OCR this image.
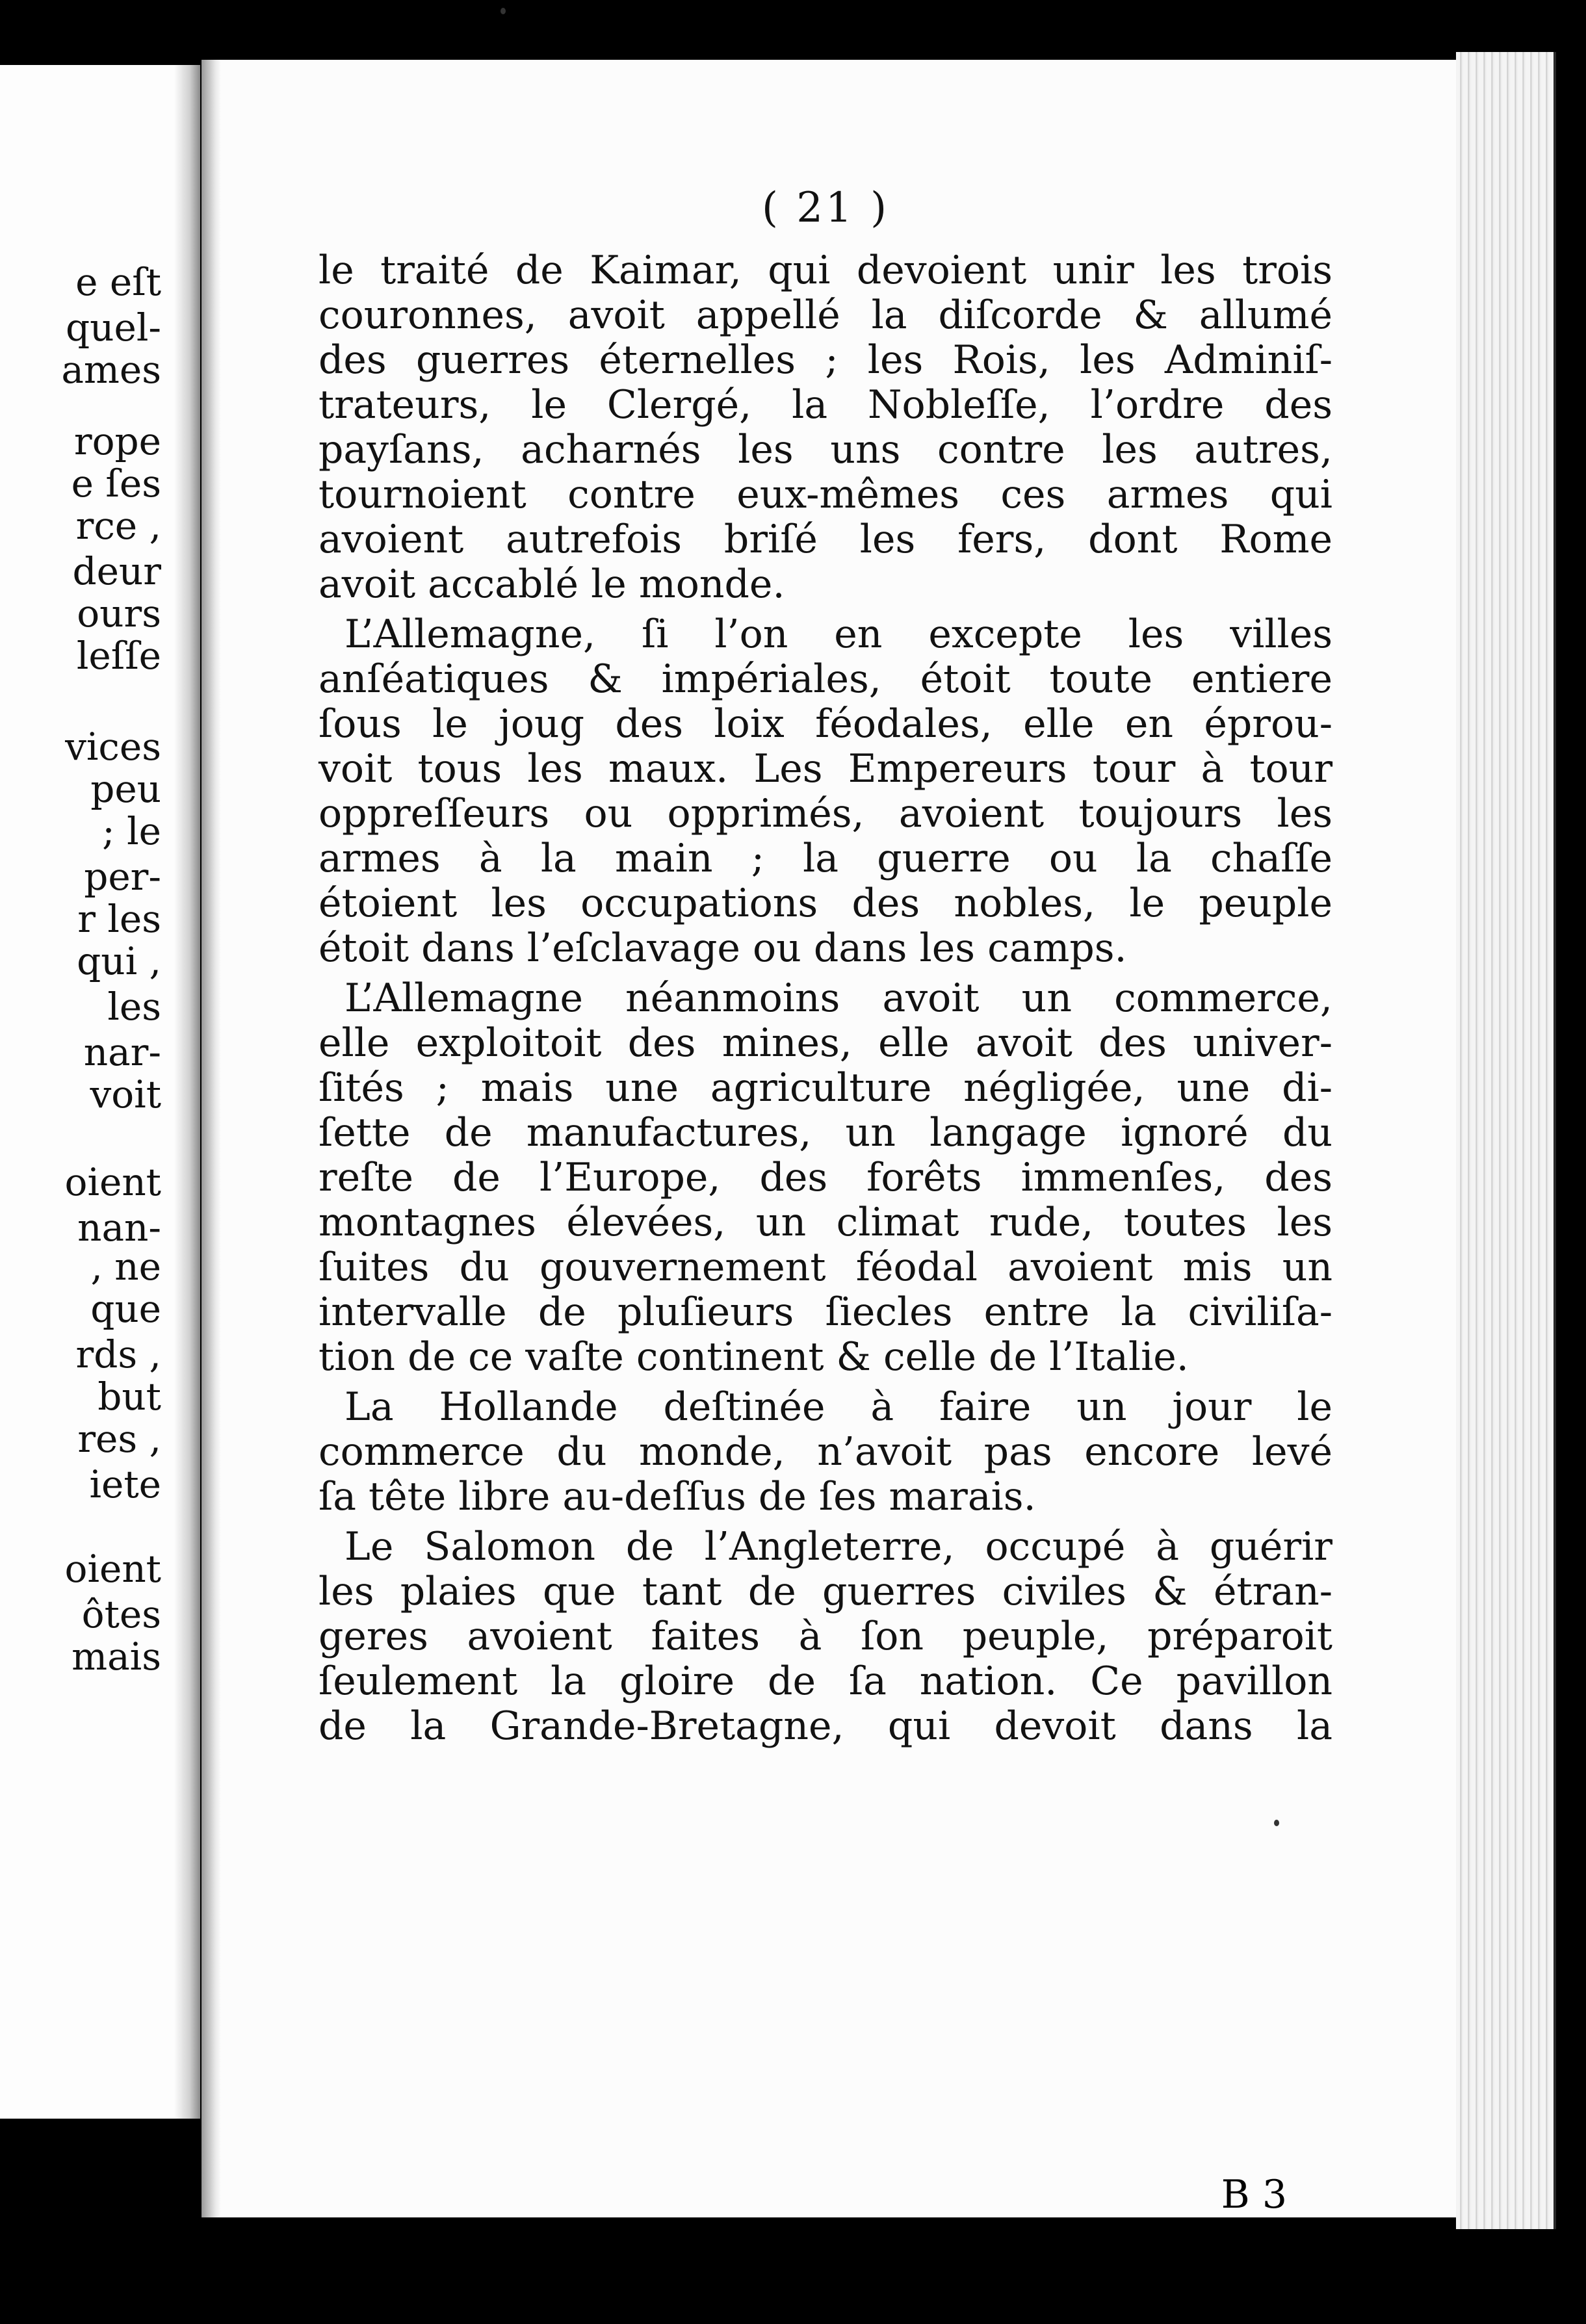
e eſt
quel-
ames
rope
e ſes
rce ,
deur
ours
leſſe
vices
peu
; le
per-
r les
qui ,
les
nar-
voit
oient
nan-
, ne
que
rds ,
but
res ,
iete
oient
ôtes
mais
( 21 )
le traité de Kaimar, qui devoient unir les trois
couronnes, avoit appellé la diſcorde & allumé
des guerres éternelles ; les Rois, les Adminiſ-
trateurs, le Clergé, la Nobleſſe, l’ordre des
payſans, acharnés les uns contre les autres,
tournoient contre eux-mêmes ces armes qui
avoient autrefois briſé les fers, dont Rome
avoit accablé le monde.
L’Allemagne, ſi l’on en excepte les villes
anſéatiques & impériales, étoit toute entiere
ſous le joug des loix féodales, elle en éprou-
voit tous les maux. Les Empereurs tour à tour
oppreſſeurs ou opprimés, avoient toujours les
armes à la main ; la guerre ou la chaſſe
étoient les occupations des nobles, le peuple
étoit dans l’eſclavage ou dans les camps.
L’Allemagne néanmoins avoit un commerce,
elle exploitoit des mines, elle avoit des univer-
ſités ; mais une agriculture négligée, une di-
ſette de manufactures, un langage ignoré du
reſte de l’Europe, des forêts immenſes, des
montagnes élevées, un climat rude, toutes les
ſuites du gouvernement féodal avoient mis un
intervalle de pluſieurs ſiecles entre la civiliſa-
tion de ce vaſte continent & celle de l’Italie.
La Hollande deſtinée à faire un jour le
commerce du monde, n’avoit pas encore levé
ſa tête libre au-deſſus de ſes marais.
Le Salomon de l’Angleterre, occupé à guérir
les plaies que tant de guerres civiles & étran-
geres avoient faites à ſon peuple, préparoit
ſeulement la gloire de ſa nation. Ce pavillon
de la Grande-Bretagne, qui devoit dans la
B 3
